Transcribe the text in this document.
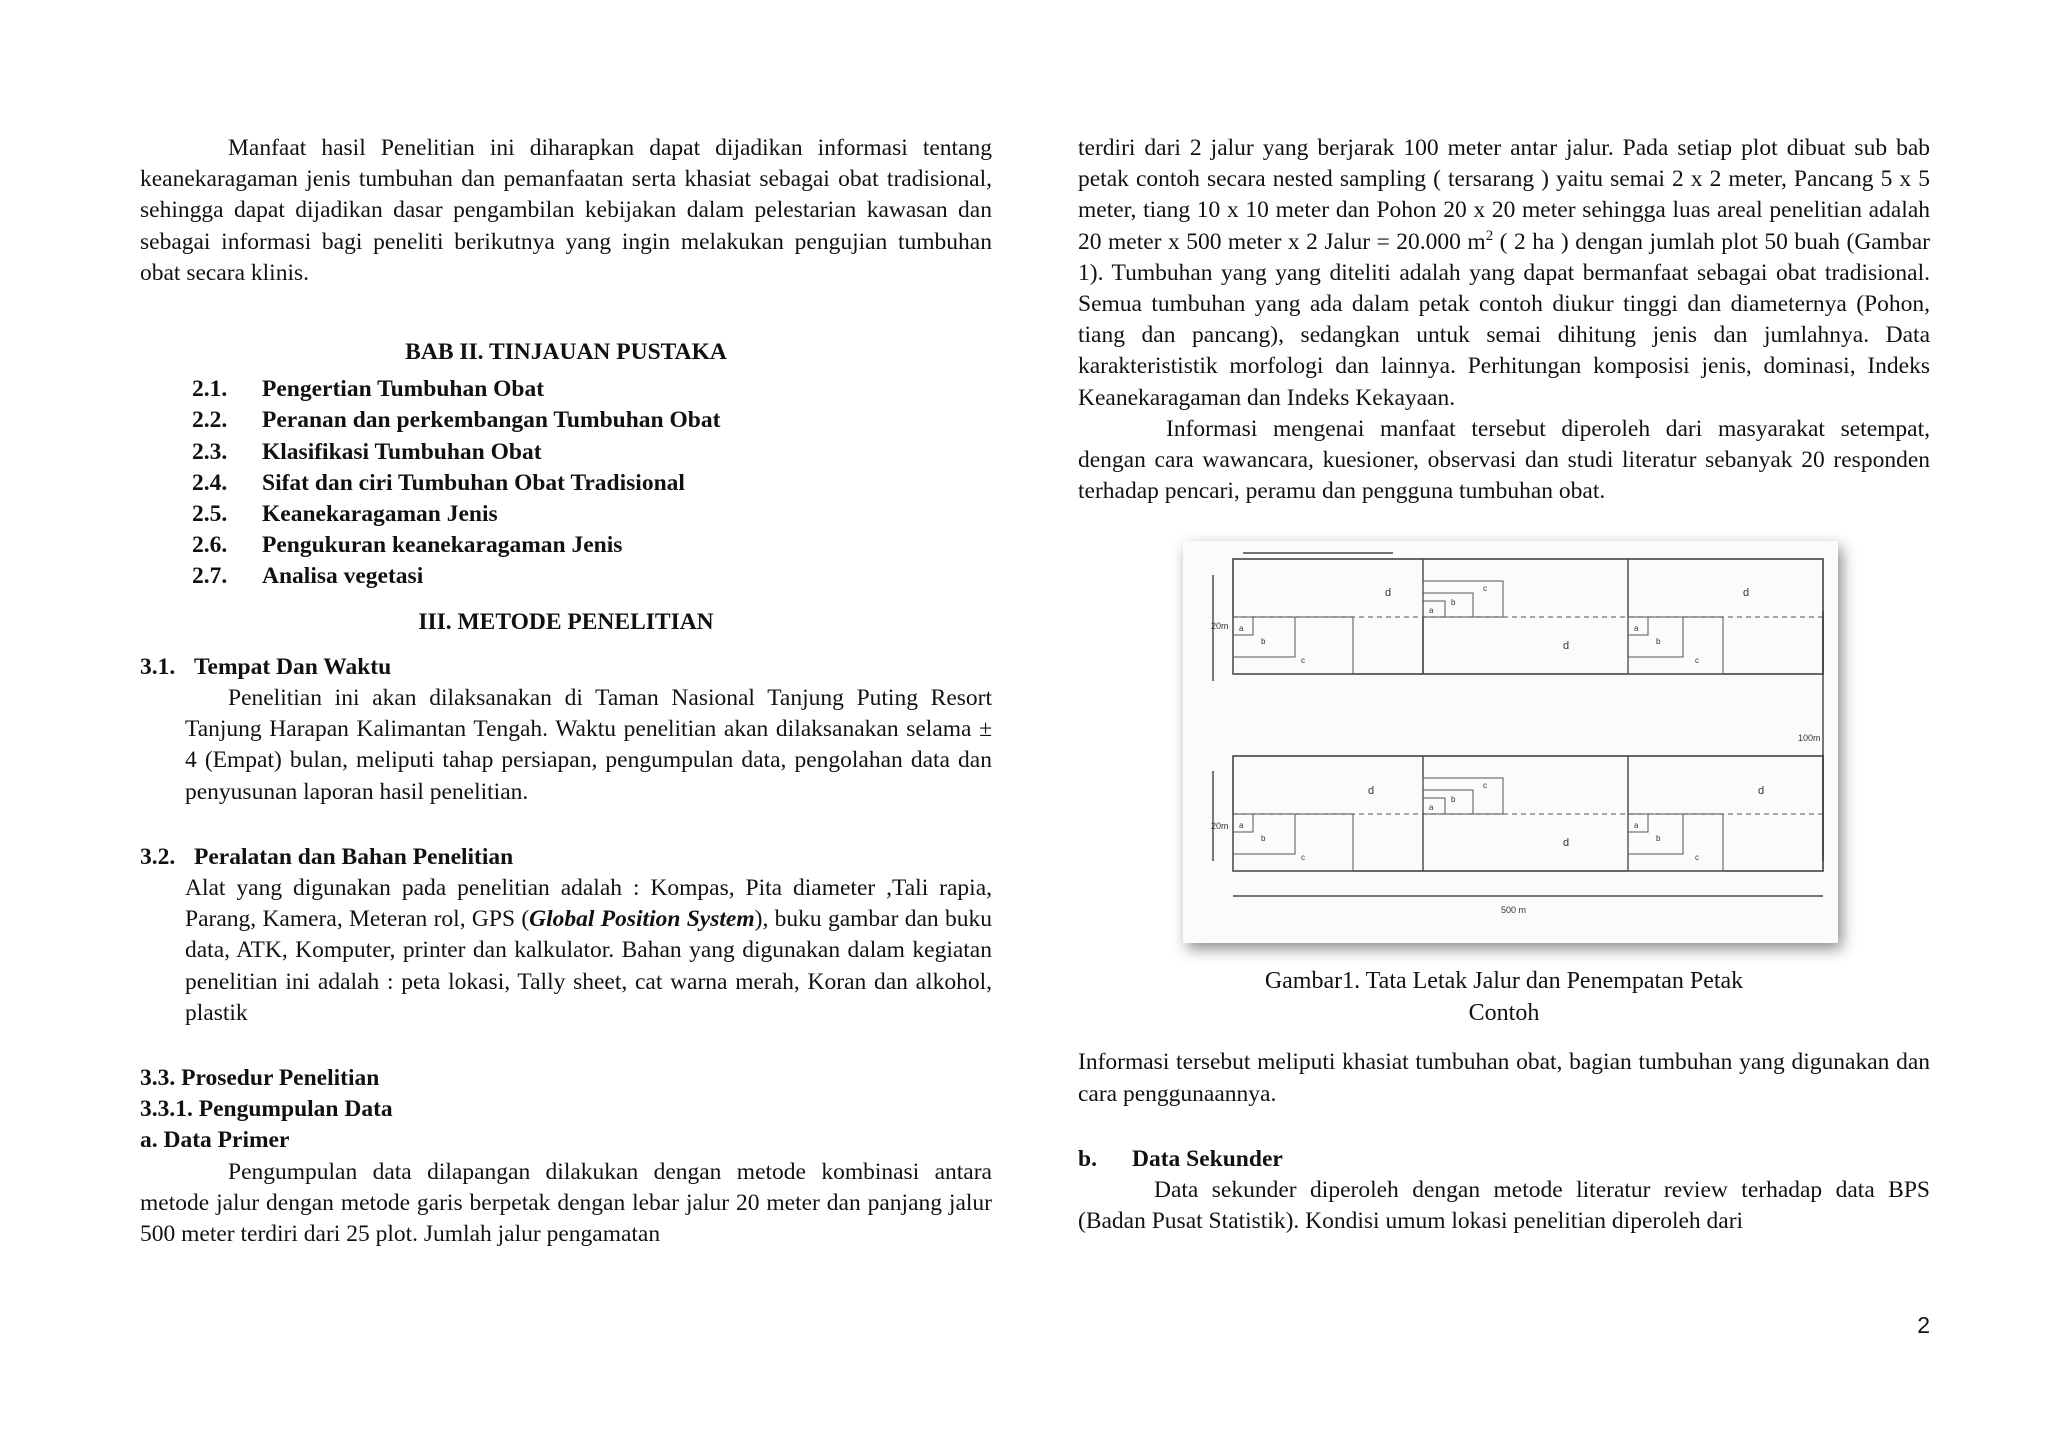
Manfaat hasil Penelitian ini diharapkan dapat dijadikan informasi tentang keanekaragaman jenis tumbuhan dan pemanfaatan serta khasiat sebagai obat tradisional, sehingga dapat dijadikan dasar pengambilan kebijakan dalam pelestarian kawasan dan sebagai informasi bagi peneliti berikutnya yang ingin melakukan pengujian tumbuhan obat secara klinis.

BAB II. TINJAUAN PUSTAKA
2.1. Pengertian Tumbuhan Obat
2.2. Peranan dan perkembangan Tumbuhan Obat
2.3. Klasifikasi Tumbuhan Obat
2.4. Sifat dan ciri Tumbuhan Obat Tradisional
2.5. Keanekaragaman Jenis
2.6. Pengukuran keanekaragaman Jenis
2.7. Analisa vegetasi
III. METODE PENELITIAN
3.1. Tempat Dan Waktu

Penelitian ini akan dilaksanakan di Taman Nasional Tanjung Puting Resort Tanjung Harapan Kalimantan Tengah. Waktu penelitian akan dilaksanakan selama ± 4 (Empat) bulan, meliputi tahap persiapan, pengumpulan data, pengolahan data dan penyusunan laporan hasil penelitian.

3.2. Peralatan dan Bahan Penelitian

Alat yang digunakan pada penelitian adalah : Kompas, Pita diameter ,Tali rapia, Parang, Kamera, Meteran rol, GPS (Global Position System), buku gambar dan buku data, ATK, Komputer, printer dan kalkulator. Bahan yang digunakan dalam kegiatan penelitian ini adalah : peta lokasi, Tally sheet, cat warna merah, Koran dan alkohol, plastik

3.3. Prosedur Penelitian
3.3.1. Pengumpulan Data
a. Data Primer

Pengumpulan data dilapangan dilakukan dengan metode kombinasi antara metode jalur dengan metode garis berpetak dengan lebar jalur 20 meter dan panjang jalur 500 meter terdiri dari 25 plot. Jumlah jalur pengamatan

terdiri dari 2 jalur yang berjarak 100 meter antar jalur. Pada setiap plot dibuat sub bab petak contoh secara nested sampling ( tersarang ) yaitu semai 2 x 2 meter, Pancang 5 x 5 meter, tiang 10 x 10 meter dan Pohon 20 x 20 meter sehingga luas areal penelitian adalah 20 meter x 500 meter x 2 Jalur = 20.000 $m^2$ ( 2 ha ) dengan jumlah plot 50 buah (Gambar 1). Tumbuhan yang yang diteliti adalah yang dapat bermanfaat sebagai obat tradisional. Semua tumbuhan yang ada dalam petak contoh diukur tinggi dan diameternya (Pohon, tiang dan pancang), sedangkan untuk semai dihitung jenis dan jumlahnya. Data karakterististik morfologi dan lainnya. Perhitungan komposisi jenis, dominasi, Indeks Keanekaragaman dan Indeks Kekayaan.

Informasi mengenai manfaat tersebut diperoleh dari masyarakat setempat, dengan cara wawancara, kuesioner, observasi dan studi literatur sebanyak 20 responden terhadap pencari, peramu dan pengguna tumbuhan obat.

20m
20m
100m
500 m
d
d
d
d
d
d
a
b
c
a
b
c
a
b
c
a
b
c
a
b
c
a
b
c
Gambar1. Tata Letak Jalur dan Penempatan Petak
Contoh

Informasi tersebut meliputi khasiat tumbuhan obat, bagian tumbuhan yang digunakan dan cara penggunaannya.

b. Data Sekunder

Data sekunder diperoleh dengan metode literatur review terhadap data BPS (Badan Pusat Statistik). Kondisi umum lokasi penelitian diperoleh dari

2
